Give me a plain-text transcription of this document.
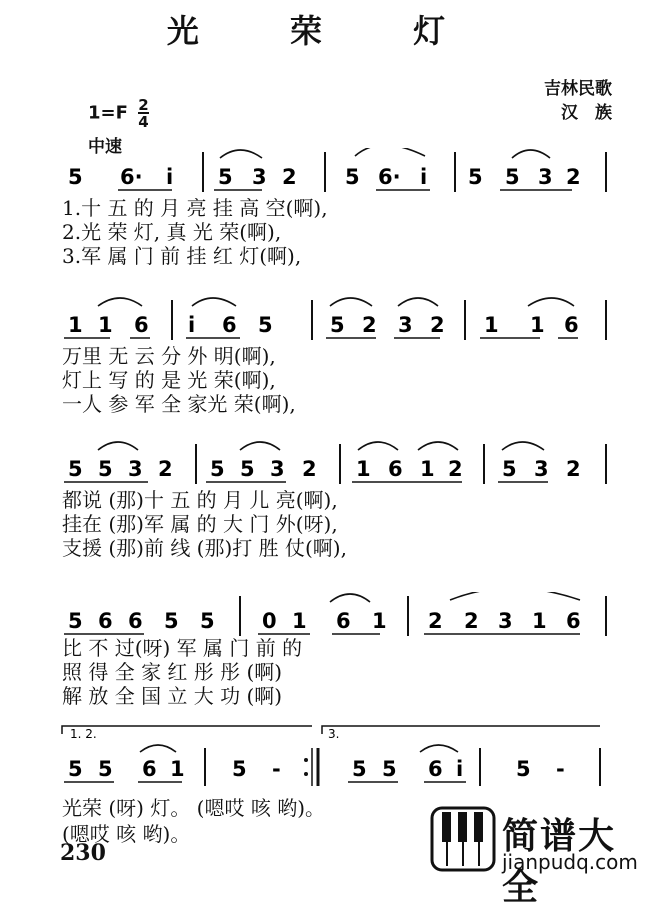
光 荣 灯
吉林民歌
汉　族
$1=F \frac{2}{4}$
中速
5 6· i 5 3 2 5 6· i 5 5 3 2
1.十 五 的 月 亮 挂 高 空(啊),
2.光 荣 灯, 真 光 荣(啊),
3.军 属 门 前 挂 红 灯(啊),
1 1 6 i 6 5	5 2 3 2 1 1 6
万里 无 云 分 外 明(啊),
灯上 写 的 是 光 荣(啊),
一人 参 军 全 家光 荣(啊),
5 5 3 2 5 5 3 2 1 6 1 2 5 3 2
都说 (那)十 五 的 月 儿 亮(啊),
挂在 (那)军 属 的 大 门 外(呀),
支援 (那)前 线 (那)打 胜 仗(啊),
5 6 6 5 5 0 1 6 1 2 2 3 1 6
比 不 过(呀) 军 属 门 前 的
照 得 全 家 红 彤 彤 (啊)
解 放 全 国 立 大 功 (啊)
1. 2.	3.
5 5 6 1 5 -	5 5 6 i	5 -
光荣 (呀) 灯。 (嗯哎 咳 哟)。
(嗯哎 咳 哟)。
230	简谱大全
jianpudq.com
